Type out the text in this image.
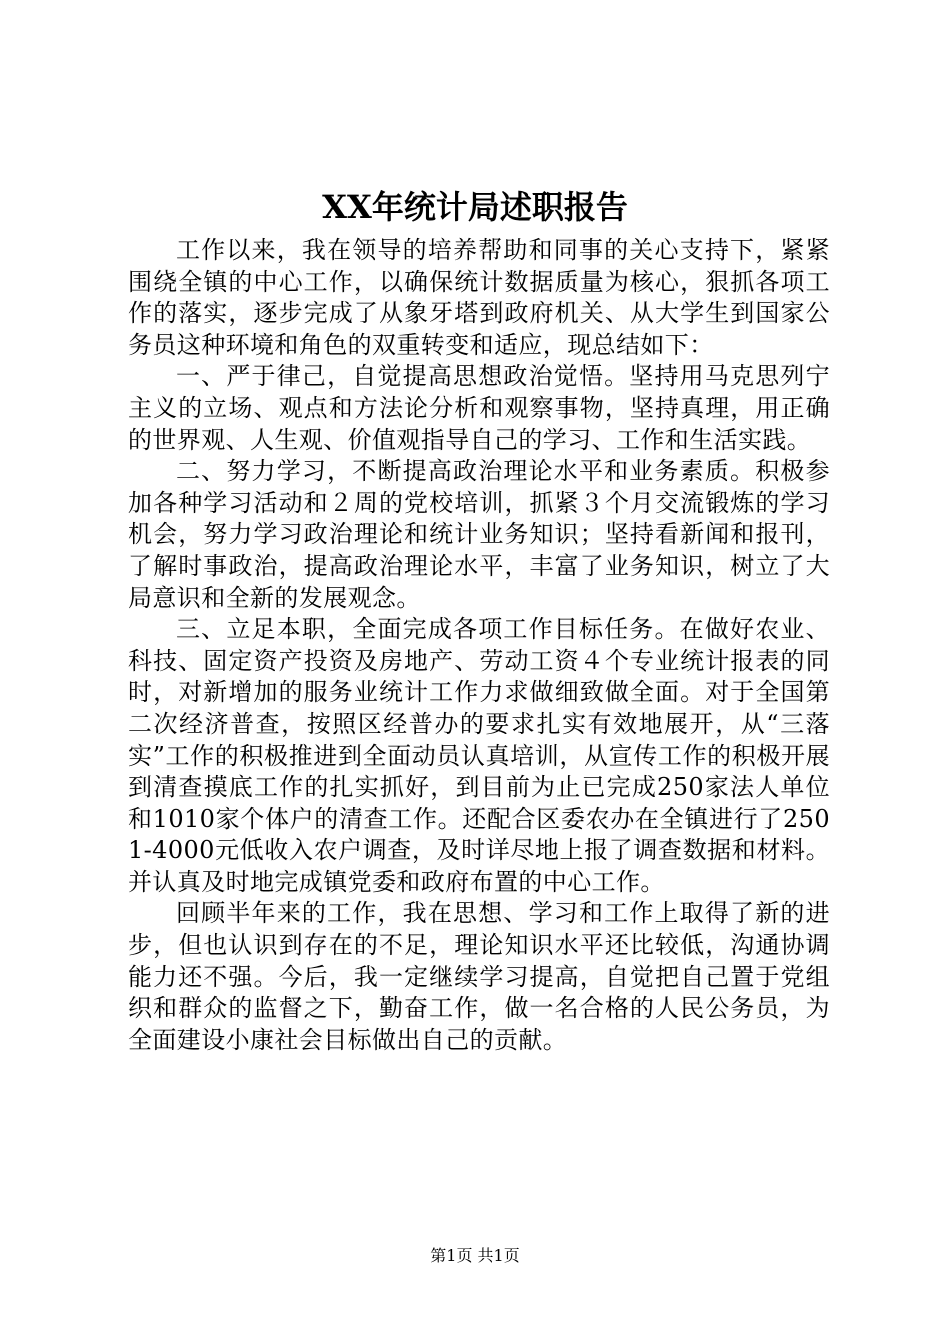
XX年统计局述职报告

工作以来，我在领导的培养帮助和同事的关心支持下，紧紧围绕全镇的中心工作，以确保统计数据质量为核心，狠抓各项工作的落实，逐步完成了从象牙塔到政府机关、从大学生到国家公务员这种环境和角色的双重转变和适应，现总结如下：

一、严于律己，自觉提高思想政治觉悟。坚持用马克思列宁主义的立场、观点和方法论分析和观察事物，坚持真理，用正确的世界观、人生观、价值观指导自己的学习、工作和生活实践。

二、努力学习，不断提高政治理论水平和业务素质。积极参加各种学习活动和２周的党校培训，抓紧３个月交流锻炼的学习机会，努力学习政治理论和统计业务知识；坚持看新闻和报刊，了解时事政治，提高政治理论水平，丰富了业务知识，树立了大局意识和全新的发展观念。

三、立足本职，全面完成各项工作目标任务。在做好农业、科技、固定资产投资及房地产、劳动工资４个专业统计报表的同时，对新增加的服务业统计工作力求做细致做全面。对于全国第二次经济普查，按照区经普办的要求扎实有效地展开，从“三落实”工作的积极推进到全面动员认真培训，从宣传工作的积极开展到清查摸底工作的扎实抓好，到目前为止已完成250家法人单位和1010家个体户的清查工作。还配合区委农办在全镇进行了2501-4000元低收入农户调查，及时详尽地上报了调查数据和材料。并认真及时地完成镇党委和政府布置的中心工作。

回顾半年来的工作，我在思想、学习和工作上取得了新的进步，但也认识到存在的不足，理论知识水平还比较低，沟通协调能力还不强。今后，我一定继续学习提高，自觉把自己置于党组织和群众的监督之下，勤奋工作，做一名合格的人民公务员，为全面建设小康社会目标做出自己的贡献。

第1页 共1页
